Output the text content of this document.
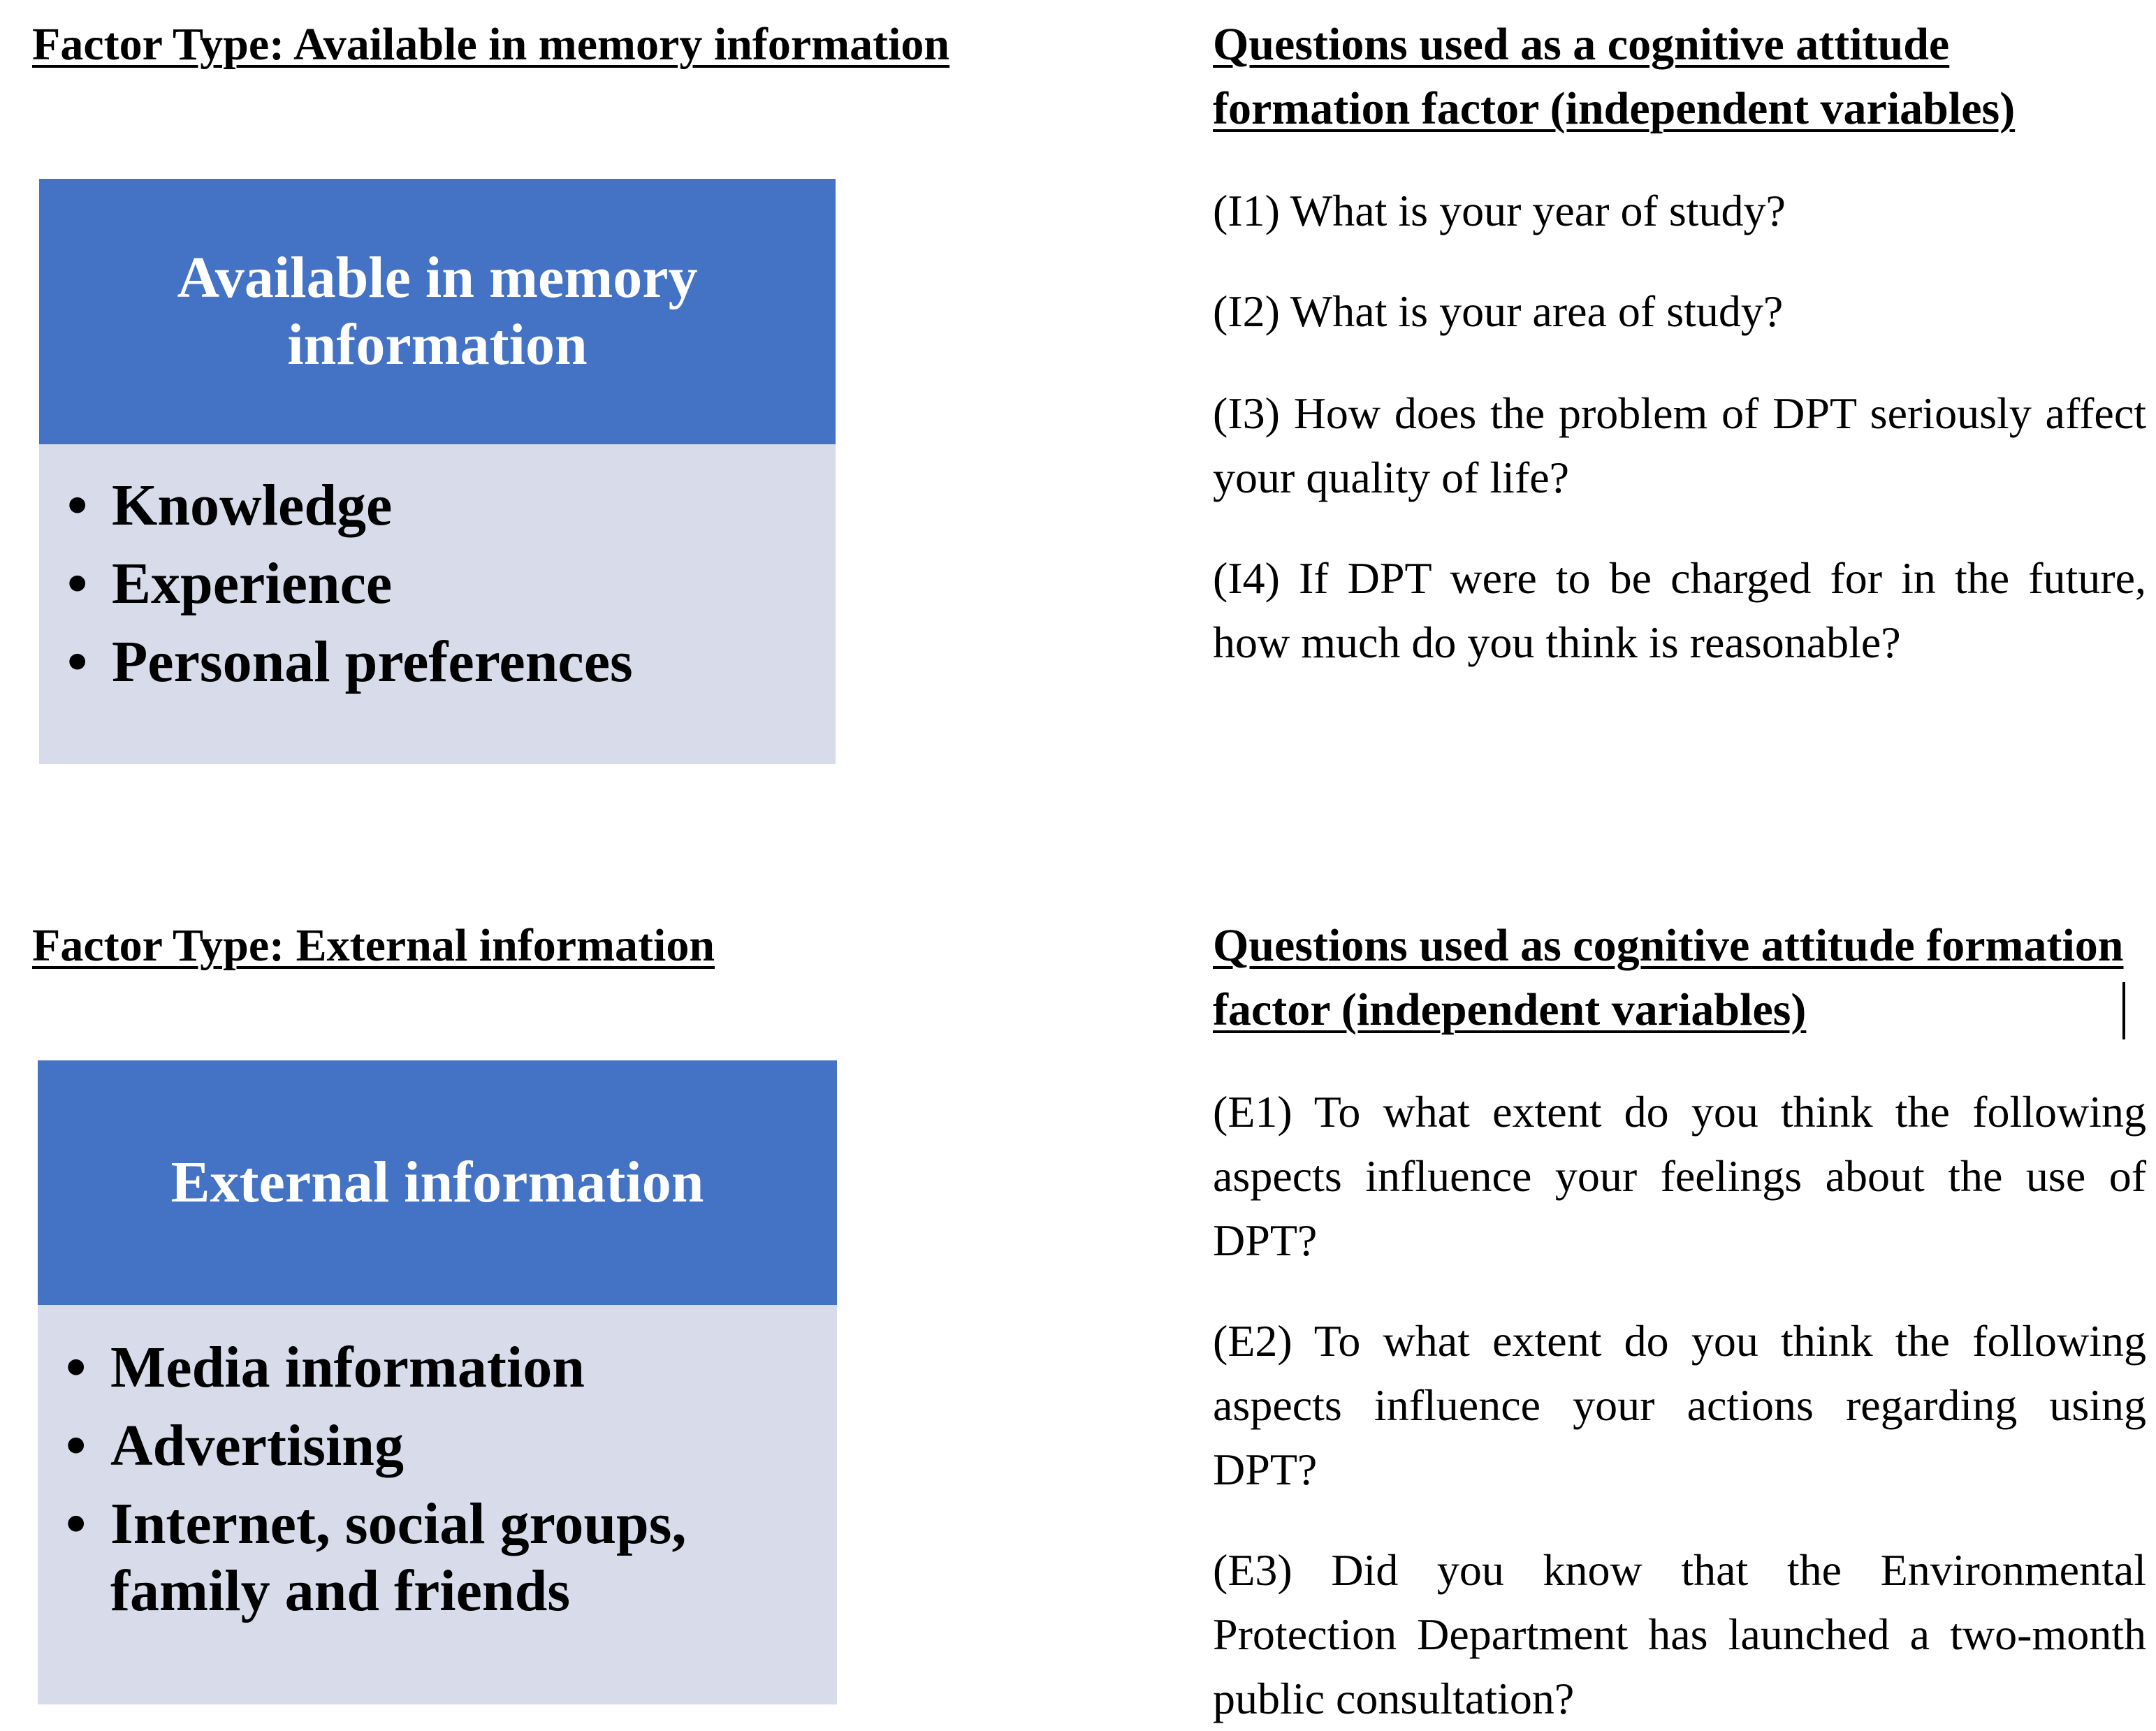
Factor Type: Available in memory information	Questions used as a cognitive attitude formation factor (independent variables)
Available in memory information
• Knowledge
• Experience
• Personal preferences
(I1) What is your year of study?
(I2) What is your area of study?
(I3) How does the problem of DPT seriously affect your quality of life?
(I4) If DPT were to be charged for in the future, how much do you think is reasonable?
Factor Type: External information	Questions used as cognitive attitude formation factor (independent variables)
External information
• Media information
• Advertising
• Internet, social groups, family and friends
(E1) To what extent do you think the following aspects influence your feelings about the use of DPT?
(E2) To what extent do you think the following aspects influence your actions regarding using DPT?
(E3) Did you know that the Environmental Protection Department has launched a two-month public consultation?
